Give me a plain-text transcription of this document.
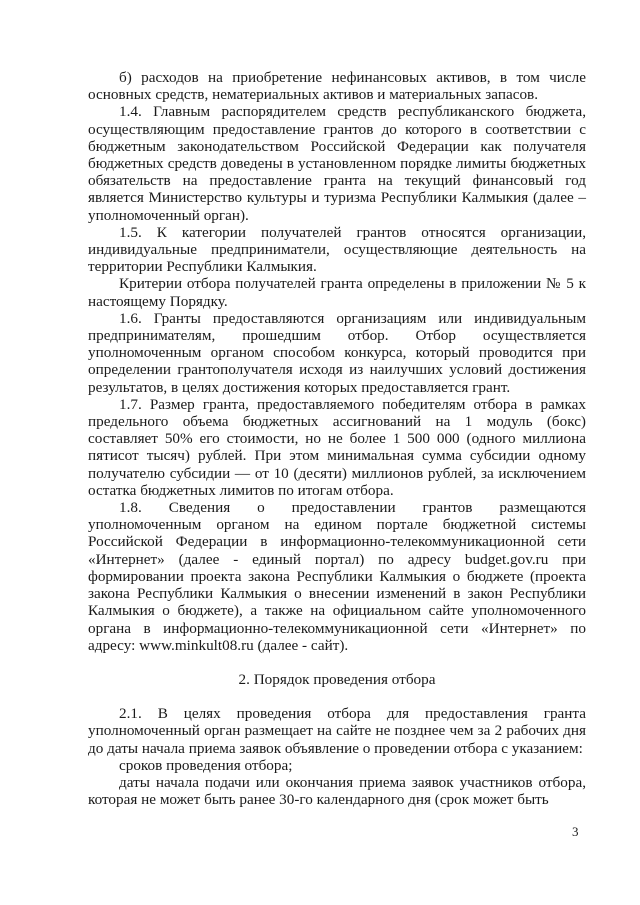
б) расходов на приобретение нефинансовых активов, в том числе основных средств, нематериальных активов и материальных запасов.

1.4. Главным распорядителем средств республиканского бюджета, осуществляющим предоставление грантов до которого в соответствии с бюджетным законодательством Российской Федерации как получателя бюджетных средств доведены в установленном порядке лимиты бюджетных обязательств на предоставление гранта на текущий финансовый год является Министерство культуры и туризма Республики Калмыкия (далее – уполномоченный орган).

1.5. К категории получателей грантов относятся организации, индивидуальные предприниматели, осуществляющие деятельность на территории Республики Калмыкия.

Критерии отбора получателей гранта определены в приложении № 5 к настоящему Порядку.

1.6. Гранты предоставляются организациям или индивидуальным предпринимателям, прошедшим отбор. Отбор осуществляется уполномоченным органом способом конкурса, который проводится при определении грантополучателя исходя из наилучших условий достижения результатов, в целях достижения которых предоставляется грант.

1.7. Размер гранта, предоставляемого победителям отбора в рамках предельного объема бюджетных ассигнований на 1 модуль (бокс) составляет 50% его стоимости, но не более 1 500 000 (одного миллиона пятисот тысяч) рублей. При этом минимальная сумма субсидии одному получателю субсидии — от 10 (десяти) миллионов рублей, за исключением остатка бюджетных лимитов по итогам отбора.

1.8. Сведения о предоставлении грантов размещаются уполномоченным органом на едином портале бюджетной системы Российской Федерации в информационно-телекоммуникационной сети «Интернет» (далее - единый портал) по адресу budget.gov.ru при формировании проекта закона Республики Калмыкия о бюджете (проекта закона Республики Калмыкия о внесении изменений в закон Республики Калмыкия о бюджете), а также на официальном сайте уполномоченного органа в информационно-телекоммуникационной сети «Интернет» по адресу: www.minkult08.ru (далее - сайт).

2. Порядок проведения отбора

2.1. В целях проведения отбора для предоставления гранта уполномоченный орган размещает на сайте не позднее чем за 2 рабочих дня до даты начала приема заявок объявление о проведении отбора с указанием:

сроков проведения отбора;

даты начала подачи или окончания приема заявок участников отбора, которая не может быть ранее 30-го календарного дня (срок может быть

3
